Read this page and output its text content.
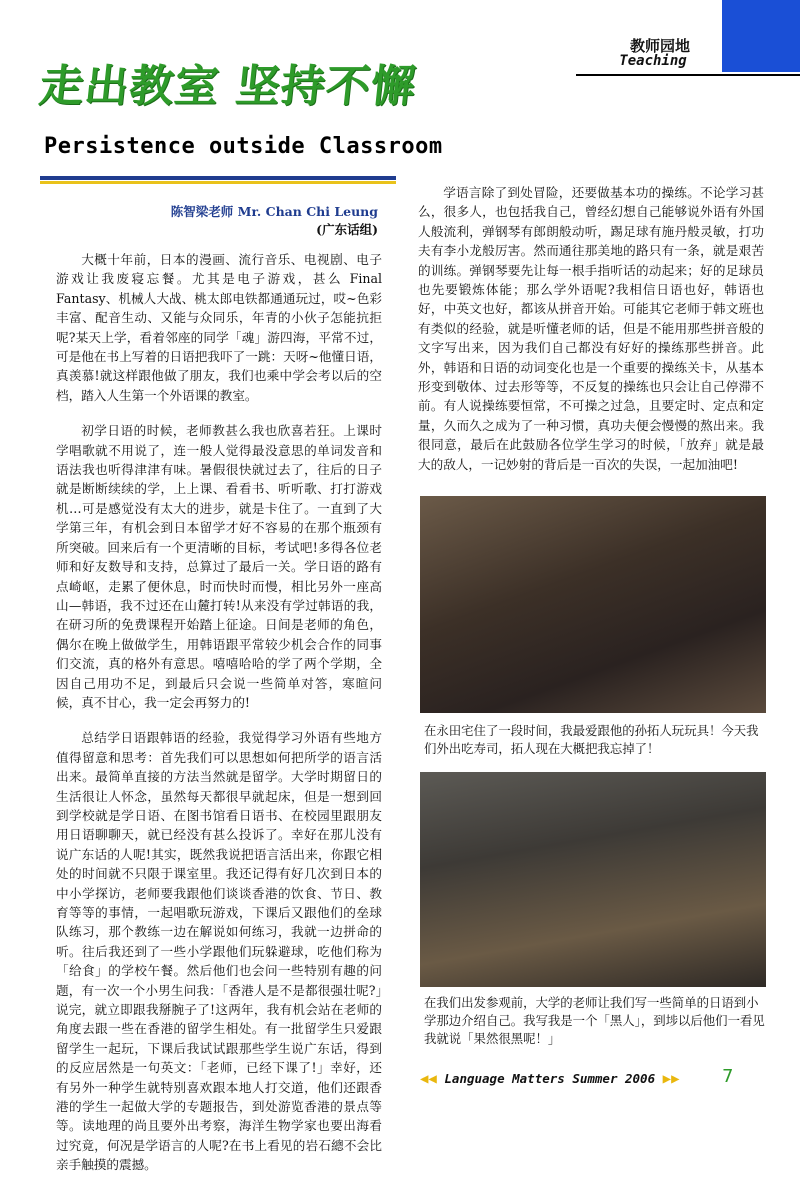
教师园地
Teaching
走出教室 坚持不懈
Persistence outside Classroom
陈智梁老师 Mr. Chan Chi Leung
(广东话组)

大概十年前，日本的漫画、流行音乐、电视剧、电子游戏让我废寝忘餐。尤其是电子游戏，甚么 Final Fantasy、机械人大战、桃太郎电铁都通通玩过，哎~色彩丰富、配音生动、又能与众同乐，年青的小伙子怎能抗拒呢?某天上学，看着邻座的同学「魂」游四海，平常不过，可是他在书上写着的日语把我吓了一跳：天呀~他懂日语，真羡慕!就这样跟他做了朋友，我们也乘中学会考以后的空档，踏入人生第一个外语课的教室。

初学日语的时候，老师教甚么我也欣喜若狂。上课时学唱歌就不用说了，连一般人觉得最没意思的单词发音和语法我也听得津津有味。暑假很快就过去了，往后的日子就是断断续续的学，上上课、看看书、听听歌、打打游戏机…可是感觉没有太大的进步，就是卡住了。一直到了大学第三年，有机会到日本留学才好不容易的在那个瓶颈有所突破。回来后有一个更清晰的目标，考试吧!多得各位老师和好友数导和支持，总算过了最后一关。学日语的路有点崎岖，走累了便休息，时而快时而慢，相比另外一座高山—韩语，我不过还在山麓打转!从来没有学过韩语的我，在研习所的免费课程开始踏上征途。日间是老师的角色，偶尔在晚上做做学生，用韩语跟平常较少机会合作的同事们交流，真的格外有意思。嘻嘻哈哈的学了两个学期，全因自己用功不足，到最后只会说一些简单对答，寒暄问候，真不甘心，我一定会再努力的!

总结学日语跟韩语的经验，我觉得学习外语有些地方值得留意和思考：首先我们可以思想如何把所学的语言活出来。最简单直接的方法当然就是留学。大学时期留日的生活很让人怀念，虽然每天都很早就起床，但是一想到回到学校就是学日语、在图书馆看日语书、在校园里跟朋友用日语聊聊天，就已经没有甚么投诉了。幸好在那儿没有说广东话的人呢!其实，既然我说把语言活出来，你跟它相处的时间就不只限于课室里。我还记得有好几次到日本的中小学探访，老师要我跟他们谈谈香港的饮食、节日、教育等等的事情，一起唱歌玩游戏，下课后又跟他们的垒球队练习，那个教练一边在解说如何练习，我就一边拼命的听。往后我还到了一些小学跟他们玩躲避球，吃他们称为「给食」的学校午餐。然后他们也会问一些特别有趣的问题，有一次一个小男生问我：「香港人是不是都很强壮呢?」说完，就立即跟我掰腕子了!这两年，我有机会站在老师的角度去跟一些在香港的留学生相处。有一批留学生只爱跟留学生一起玩，下课后我试试跟那些学生说广东话，得到的反应居然是一句英文：「老师，已经下课了!」幸好，还有另外一种学生就特别喜欢跟本地人打交道，他们还跟香港的学生一起做大学的专题报告，到处游览香港的景点等等。读地理的尚且要外出考察，海洋生物学家也要出海看过究竟，何况是学语言的人呢?在书上看见的岩石總不会比亲手触摸的震撼。

学语言除了到处冒险，还要做基本功的操练。不论学习甚么，很多人，也包括我自己，曾经幻想自己能够说外语有外国人般流利，弹钢琴有郎朗般动听，踢足球有施丹般灵敏，打功夫有李小龙般厉害。然而通往那美地的路只有一条，就是艰苦的训练。弹钢琴要先让每一根手指听话的动起来；好的足球员也先要锻炼体能；那么学外语呢?我相信日语也好，韩语也好，中英文也好，都该从拼音开始。可能其它老师于韩文班也有类似的经验，就是听懂老师的话，但是不能用那些拼音般的文字写出来，因为我们自己都没有好好的操练那些拼音。此外，韩语和日语的动词变化也是一个重要的操练关卡，从基本形变到敬体、过去形等等，不反复的操练也只会让自己停滞不前。有人说操练要恒常，不可操之过急，且要定时、定点和定量，久而久之成为了一种习惯，真功夫便会慢慢的熬出来。我很同意，最后在此鼓励各位学生学习的时候，「放弃」就是最大的敌人，一记妙射的背后是一百次的失误，一起加油吧!

在永田宅住了一段时间，我最爱跟他的孙拓人玩玩具！今天我们外出吃寿司，拓人现在大概把我忘掉了！
在我们出发参观前，大学的老师让我们写一些简单的日语到小学那边介绍自己。我写我是一个「黑人」，到埗以后他们一看见我就说「果然很黑呢！」
◀◀ Language Matters Summer 2006 ▶▶	7
